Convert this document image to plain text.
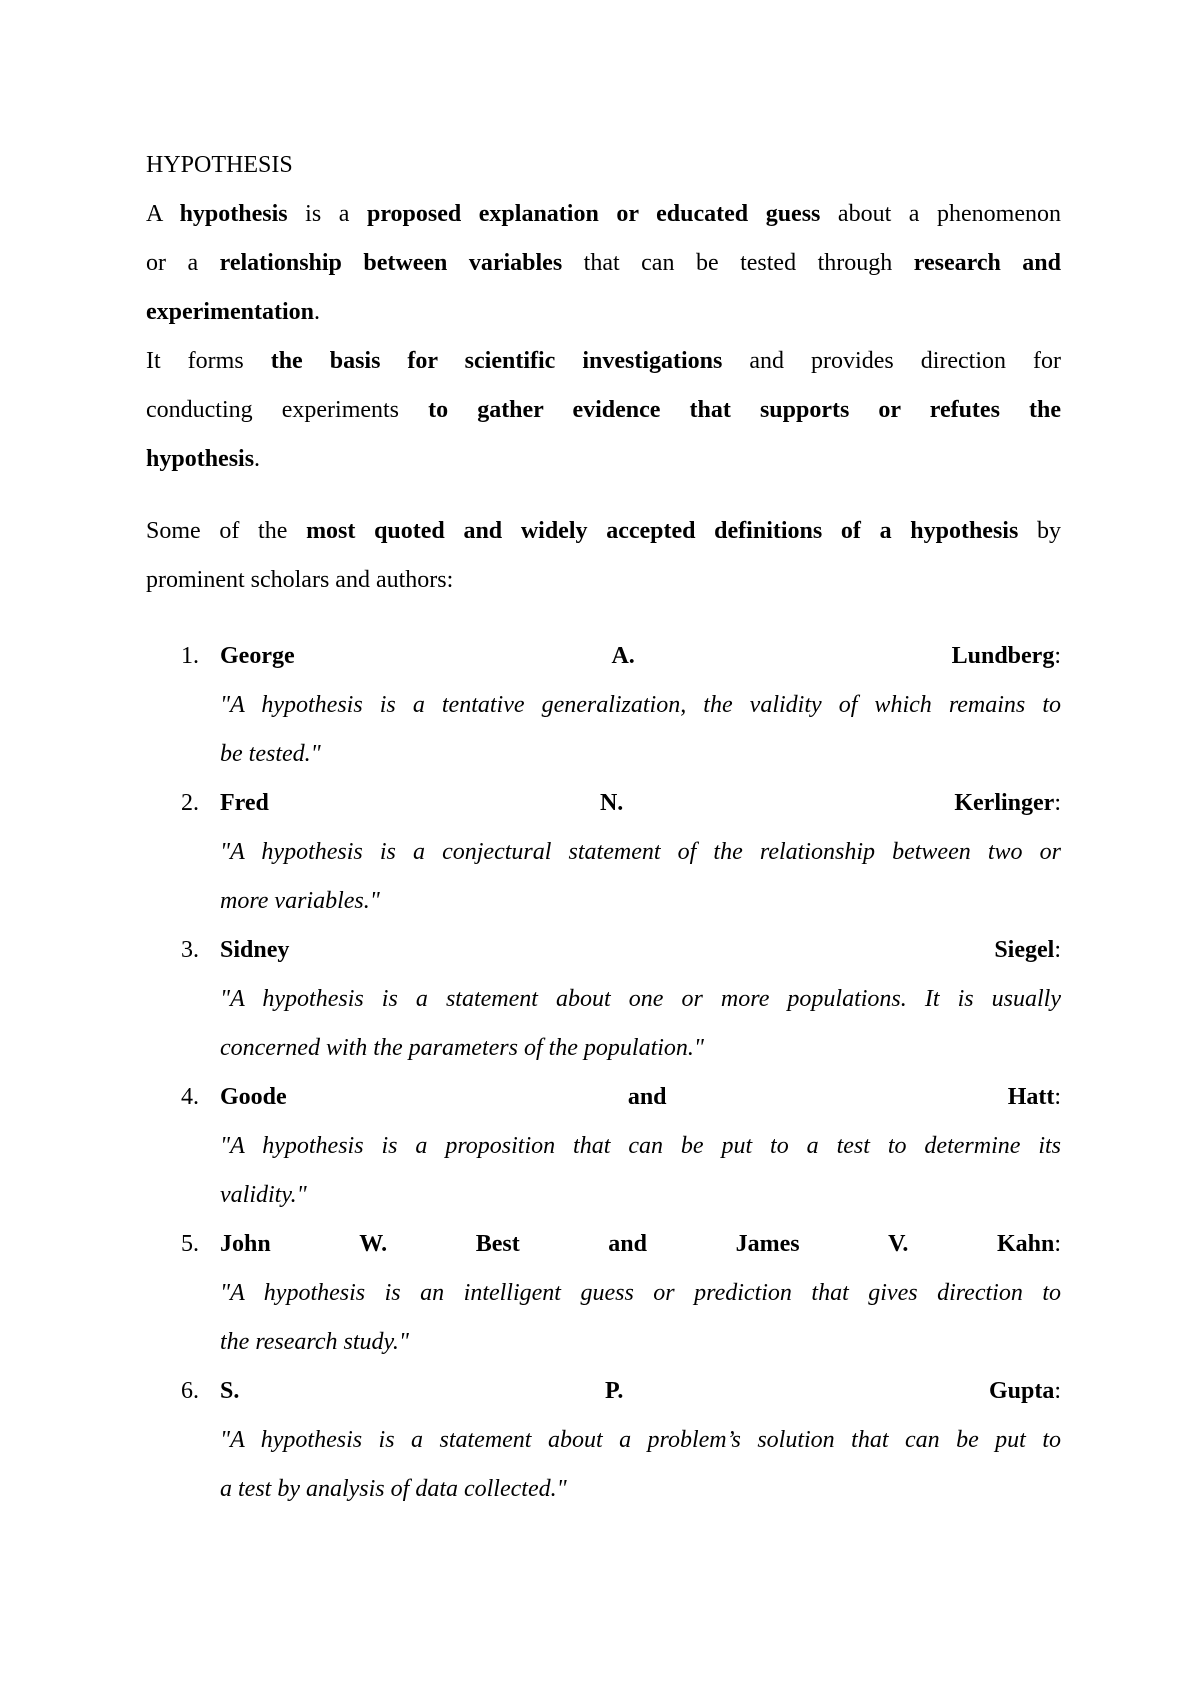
HYPOTHESIS
A hypothesis is a proposed explanation or educated guess about a phenomenon
or a relationship between variables that can be tested through research and
experimentation.
It forms the basis for scientific investigations and provides direction for
conducting experiments to gather evidence that supports or refutes the
hypothesis.
Some of the most quoted and widely accepted definitions of a hypothesis by
prominent scholars and authors:
1. George	A.	Lundberg:
"A hypothesis is a tentative generalization, the validity of which remains to
be tested."
2. Fred	N.	Kerlinger:
"A hypothesis is a conjectural statement of the relationship between two or
more variables."
3. Sidney	Siegel:
"A hypothesis is a statement about one or more populations. It is usually
concerned with the parameters of the population."
4. Goode	and	Hatt:
"A hypothesis is a proposition that can be put to a test to determine its
validity."
5. John	W.	Best	and	James	V.	Kahn:
"A hypothesis is an intelligent guess or prediction that gives direction to
the research study."
6. S.	P.	Gupta:
"A hypothesis is a statement about a problem’s solution that can be put to
a test by analysis of data collected."
